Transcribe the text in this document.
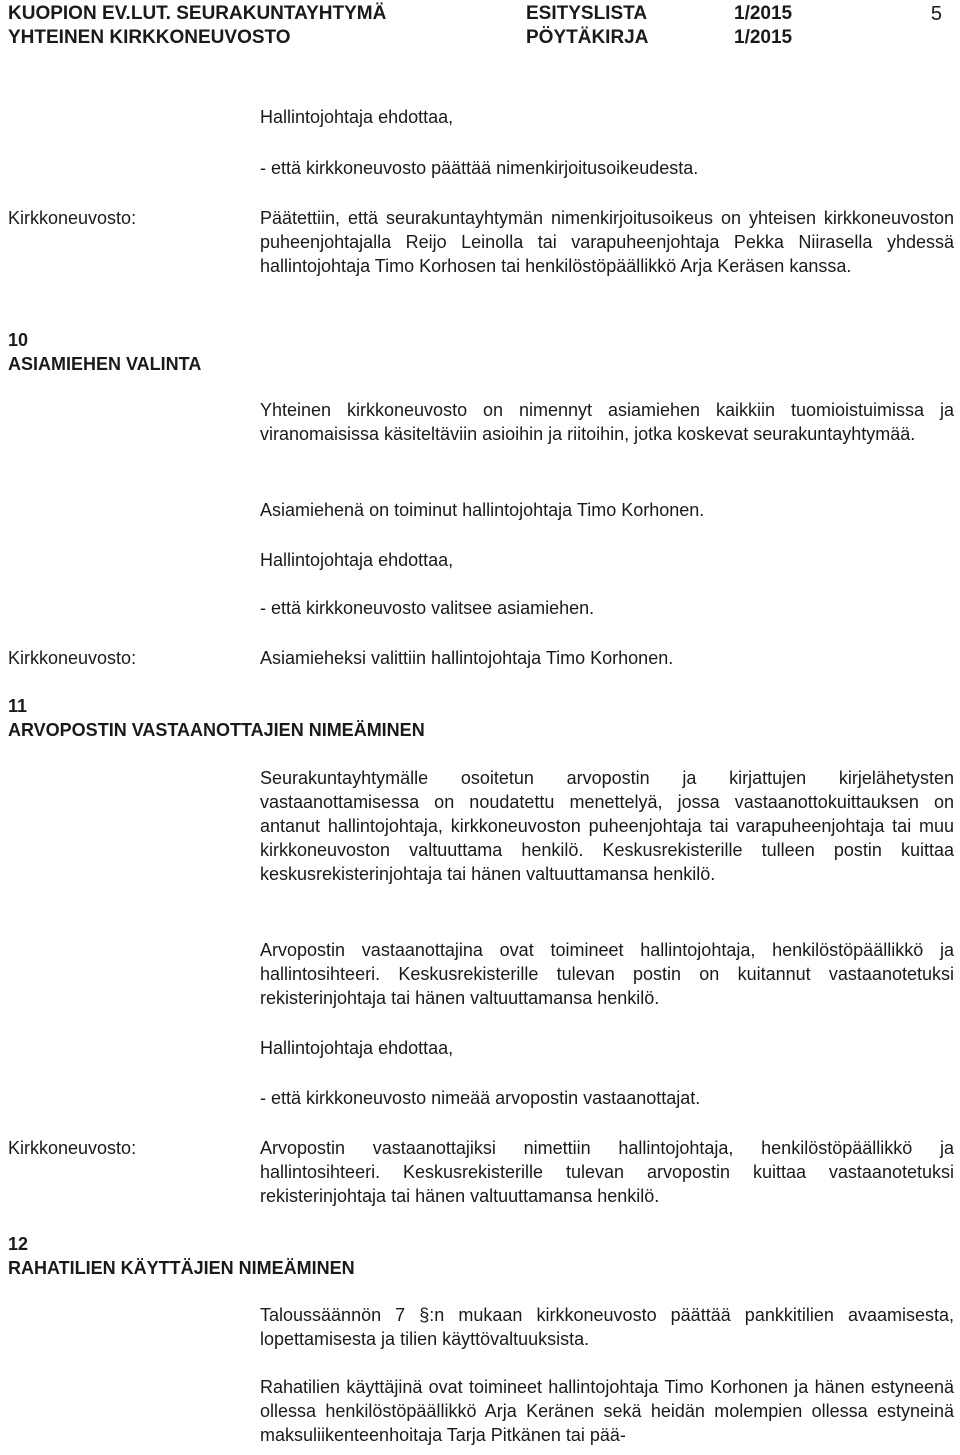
KUOPION EV.LUT. SEURAKUNTAYHTYMÄ	ESITYSLISTA	1/2015	5
YHTEINEN KIRKKONEUVOSTO	PÖYTÄKIRJA	1/2015

Hallintojohtaja ehdottaa,

- että kirkkoneuvosto päättää nimenkirjoitusoikeudesta.

Kirkkoneuvosto:	Päätettiin, että seurakuntayhtymän nimenkirjoitusoikeus on yhteisen kirkkoneuvoston puheenjohtajalla Reijo Leinolla tai varapuheenjohtaja Pekka Niirasella yhdessä hallintojohtaja Timo Korhosen tai henkilöstöpäällikkö Arja Keräsen kanssa.

10
ASIAMIEHEN VALINTA

Yhteinen kirkkoneuvosto on nimennyt asiamiehen kaikkiin tuomioistuimissa ja viranomaisissa käsiteltäviin asioihin ja riitoihin, jotka koskevat seurakuntayhtymää.

Asiamiehenä on toiminut hallintojohtaja Timo Korhonen.

Hallintojohtaja ehdottaa,

- että kirkkoneuvosto valitsee asiamiehen.

Kirkkoneuvosto:	Asiamieheksi valittiin hallintojohtaja Timo Korhonen.

11
ARVOPOSTIN VASTAANOTTAJIEN NIMEÄMINEN

Seurakuntayhtymälle osoitetun arvopostin ja kirjattujen kirjelähetysten vastaanottamisessa on noudatettu menettelyä, jossa vastaanottokuittauksen on antanut hallintojohtaja, kirkkoneuvoston puheenjohtaja tai varapuheenjohtaja tai muu kirkkoneuvoston valtuuttama henkilö. Keskusrekisterille tulleen postin kuittaa keskusrekisterinjohtaja tai hänen valtuuttamansa henkilö.

Arvopostin vastaanottajina ovat toimineet hallintojohtaja, henkilöstöpäällikkö ja hallintosihteeri. Keskusrekisterille tulevan postin on kuitannut vastaanotetuksi rekisterinjohtaja tai hänen valtuuttamansa henkilö.

Hallintojohtaja ehdottaa,

- että kirkkoneuvosto nimeää arvopostin vastaanottajat.

Kirkkoneuvosto:	Arvopostin vastaanottajiksi nimettiin hallintojohtaja, henkilöstöpäällikkö ja hallintosihteeri. Keskusrekisterille tulevan arvopostin kuittaa vastaanotetuksi rekisterinjohtaja tai hänen valtuuttamansa henkilö.

12
RAHATILIEN KÄYTTÄJIEN NIMEÄMINEN

Taloussäännön 7 §:n mukaan kirkkoneuvosto päättää pankkitilien avaamisesta, lopettamisesta ja tilien käyttövaltuuksista.

Rahatilien käyttäjinä ovat toimineet hallintojohtaja Timo Korhonen ja hänen estyneenä ollessa henkilöstöpäällikkö Arja Keränen sekä heidän molempien ollessa estyneinä maksuliikenteenhoitaja Tarja Pitkänen tai pää-
